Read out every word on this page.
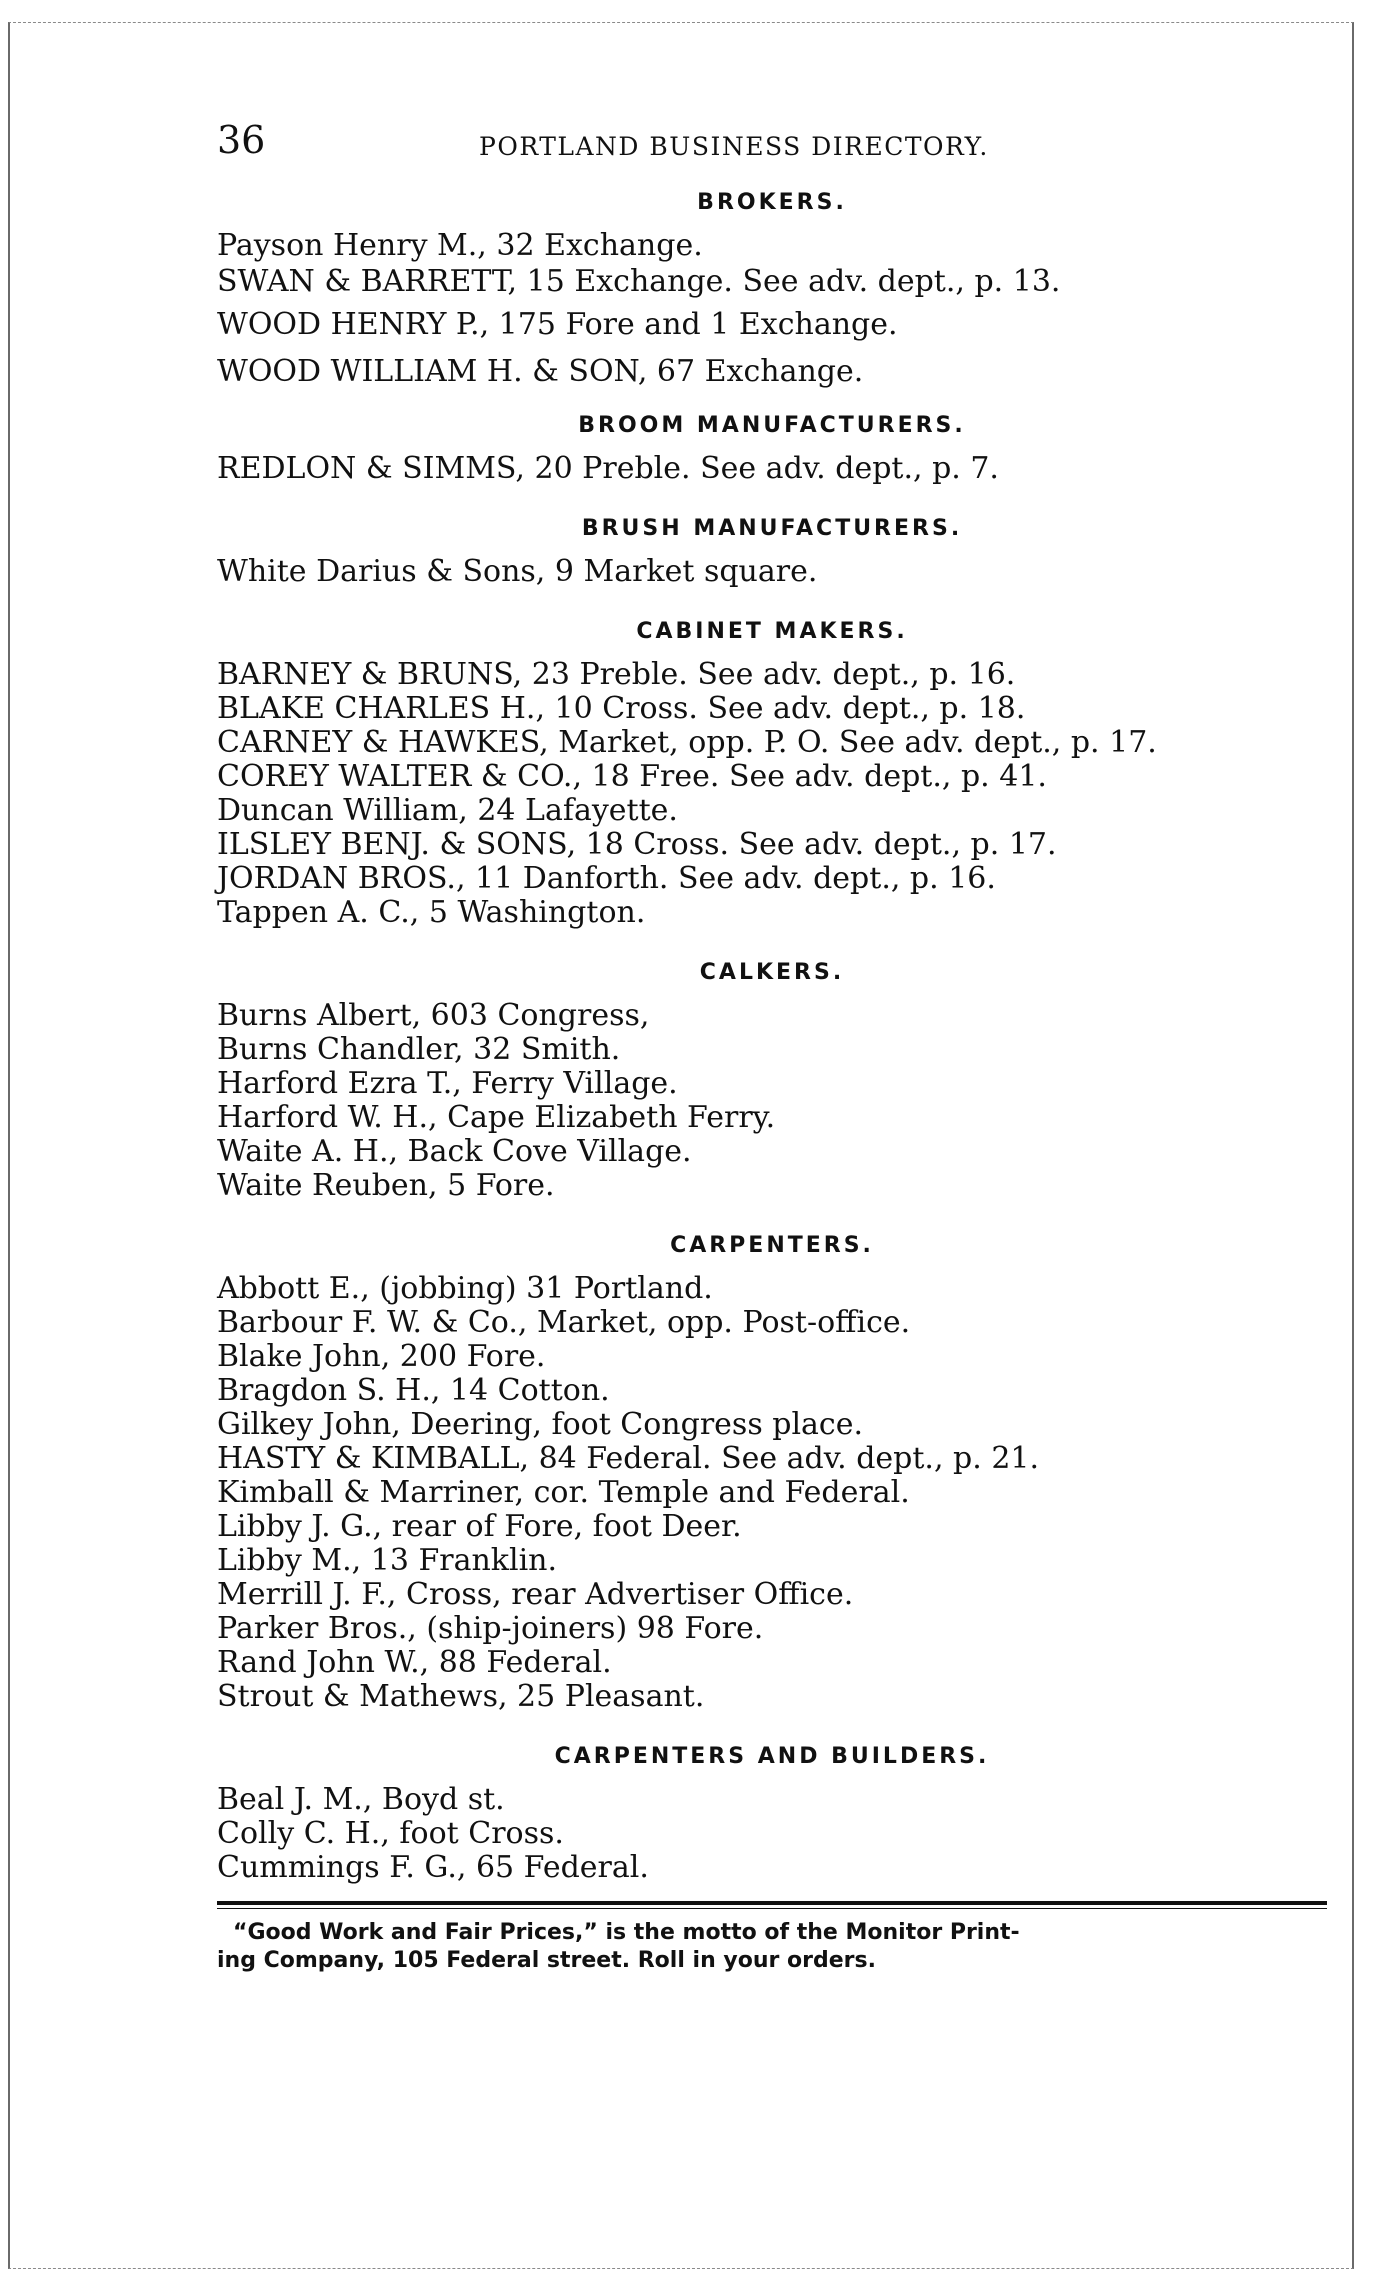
36	PORTLAND BUSINESS DIRECTORY.
BROKERS.
Payson Henry M., 32 Exchange.
SWAN & BARRETT, 15 Exchange. See adv. dept., p. 13.
WOOD HENRY P., 175 Fore and 1 Exchange.
WOOD WILLIAM H. & SON, 67 Exchange.
BROOM MANUFACTURERS.
REDLON & SIMMS, 20 Preble. See adv. dept., p. 7.
BRUSH MANUFACTURERS.
White Darius & Sons, 9 Market square.
CABINET MAKERS.
BARNEY & BRUNS, 23 Preble. See adv. dept., p. 16.
BLAKE CHARLES H., 10 Cross. See adv. dept., p. 18.
CARNEY & HAWKES, Market, opp. P. O. See adv. dept., p. 17.
COREY WALTER & CO., 18 Free. See adv. dept., p. 41.
Duncan William, 24 Lafayette.
ILSLEY BENJ. & SONS, 18 Cross. See adv. dept., p. 17.
JORDAN BROS., 11 Danforth. See adv. dept., p. 16.
Tappen A. C., 5 Washington.
CALKERS.
Burns Albert, 603 Congress,
Burns Chandler, 32 Smith.
Harford Ezra T., Ferry Village.
Harford W. H., Cape Elizabeth Ferry.
Waite A. H., Back Cove Village.
Waite Reuben, 5 Fore.
CARPENTERS.
Abbott E., (jobbing) 31 Portland.
Barbour F. W. & Co., Market, opp. Post-office.
Blake John, 200 Fore.
Bragdon S. H., 14 Cotton.
Gilkey John, Deering, foot Congress place.
HASTY & KIMBALL, 84 Federal. See adv. dept., p. 21.
Kimball & Marriner, cor. Temple and Federal.
Libby J. G., rear of Fore, foot Deer.
Libby M., 13 Franklin.
Merrill J. F., Cross, rear Advertiser Office.
Parker Bros., (ship-joiners) 98 Fore.
Rand John W., 88 Federal.
Strout & Mathews, 25 Pleasant.
CARPENTERS AND BUILDERS.
Beal J. M., Boyd st.
Colly C. H., foot Cross.
Cummings F. G., 65 Federal.
“Good Work and Fair Prices,” is the motto of the Monitor Print-
ing Company, 105 Federal street. Roll in your orders.
